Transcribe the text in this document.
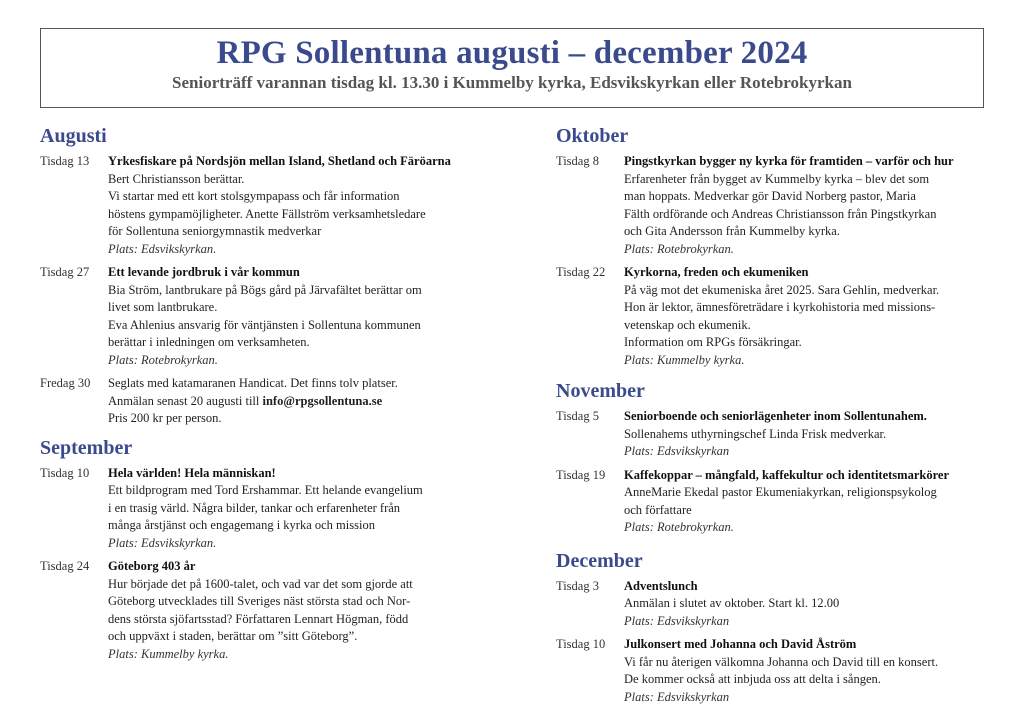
RPG Sollentuna augusti – december 2024
Seniorträff varannan tisdag kl. 13.30 i Kummelby kyrka, Edsvikskyrkan eller Rotebrokyrkan
Augusti
Tisdag 13	Yrkesfiskare på Nordsjön mellan Island, Shetland och Färöarna
Bert Christiansson berättar.
Vi startar med ett kort stolsgympapass och får information
höstens gympamöjligheter. Anette Fällström verksamhetsledare
för Sollentuna seniorgymnastik medverkar
Plats: Edsvikskyrkan.
Tisdag 27	Ett levande jordbruk i vår kommun
Bia Ström, lantbrukare på Bögs gård på Järvafältet berättar om
livet som lantbrukare.
Eva Ahlenius ansvarig för väntjänsten i Sollentuna kommunen
berättar i inledningen om verksamheten.
Plats: Rotebrokyrkan.
Fredag 30	Seglats med katamaranen Handicat. Det finns tolv platser.
Anmälan senast 20 augusti till info@rpgsollentuna.se
Pris 200 kr per person.
September
Tisdag 10	Hela världen! Hela människan!
Ett bildprogram med Tord Ershammar. Ett helande evangelium
i en trasig värld. Några bilder, tankar och erfarenheter från
många årstjänst och engagemang i kyrka och mission
Plats: Edsvikskyrkan.
Tisdag 24	Göteborg 403 år
Hur började det på 1600-talet, och vad var det som gjorde att
Göteborg utvecklades till Sveriges näst största stad och Nor-
dens största sjöfartsstad? Författaren Lennart Högman, född
och uppväxt i staden, berättar om ”sitt Göteborg”.
Plats: Kummelby kyrka.
Oktober
Tisdag 8	Pingstkyrkan bygger ny kyrka för framtiden – varför och hur
Erfarenheter från bygget av Kummelby kyrka – blev det som
man hoppats. Medverkar gör David Norberg pastor, Maria
Fälth ordförande och Andreas Christiansson från Pingstkyrkan
och Gita Andersson från Kummelby kyrka.
Plats: Rotebrokyrkan.
Tisdag 22	Kyrkorna, freden och ekumeniken
På väg mot det ekumeniska året 2025. Sara Gehlin, medverkar.
Hon är lektor, ämnesföreträdare i kyrkohistoria med missions-
vetenskap och ekumenik.
Information om RPGs försäkringar.
Plats: Kummelby kyrka.
November
Tisdag 5	Seniorboende och seniorlägenheter inom Sollentunahem.
Sollenahems uthyrningschef Linda Frisk medverkar.
Plats: Edsvikskyrkan
Tisdag 19	Kaffekoppar – mångfald, kaffekultur och identitetsmarkörer
AnneMarie Ekedal pastor Ekumeniakyrkan, religionspsykolog
och författare
Plats: Rotebrokyrkan.
December
Tisdag 3	Adventslunch
Anmälan i slutet av oktober. Start kl. 12.00
Plats: Edsvikskyrkan
Tisdag 10	Julkonsert med Johanna och David Åström
Vi får nu återigen välkomna Johanna och David till en konsert.
De kommer också att inbjuda oss att delta i sången.
Plats: Edsvikskyrkan
